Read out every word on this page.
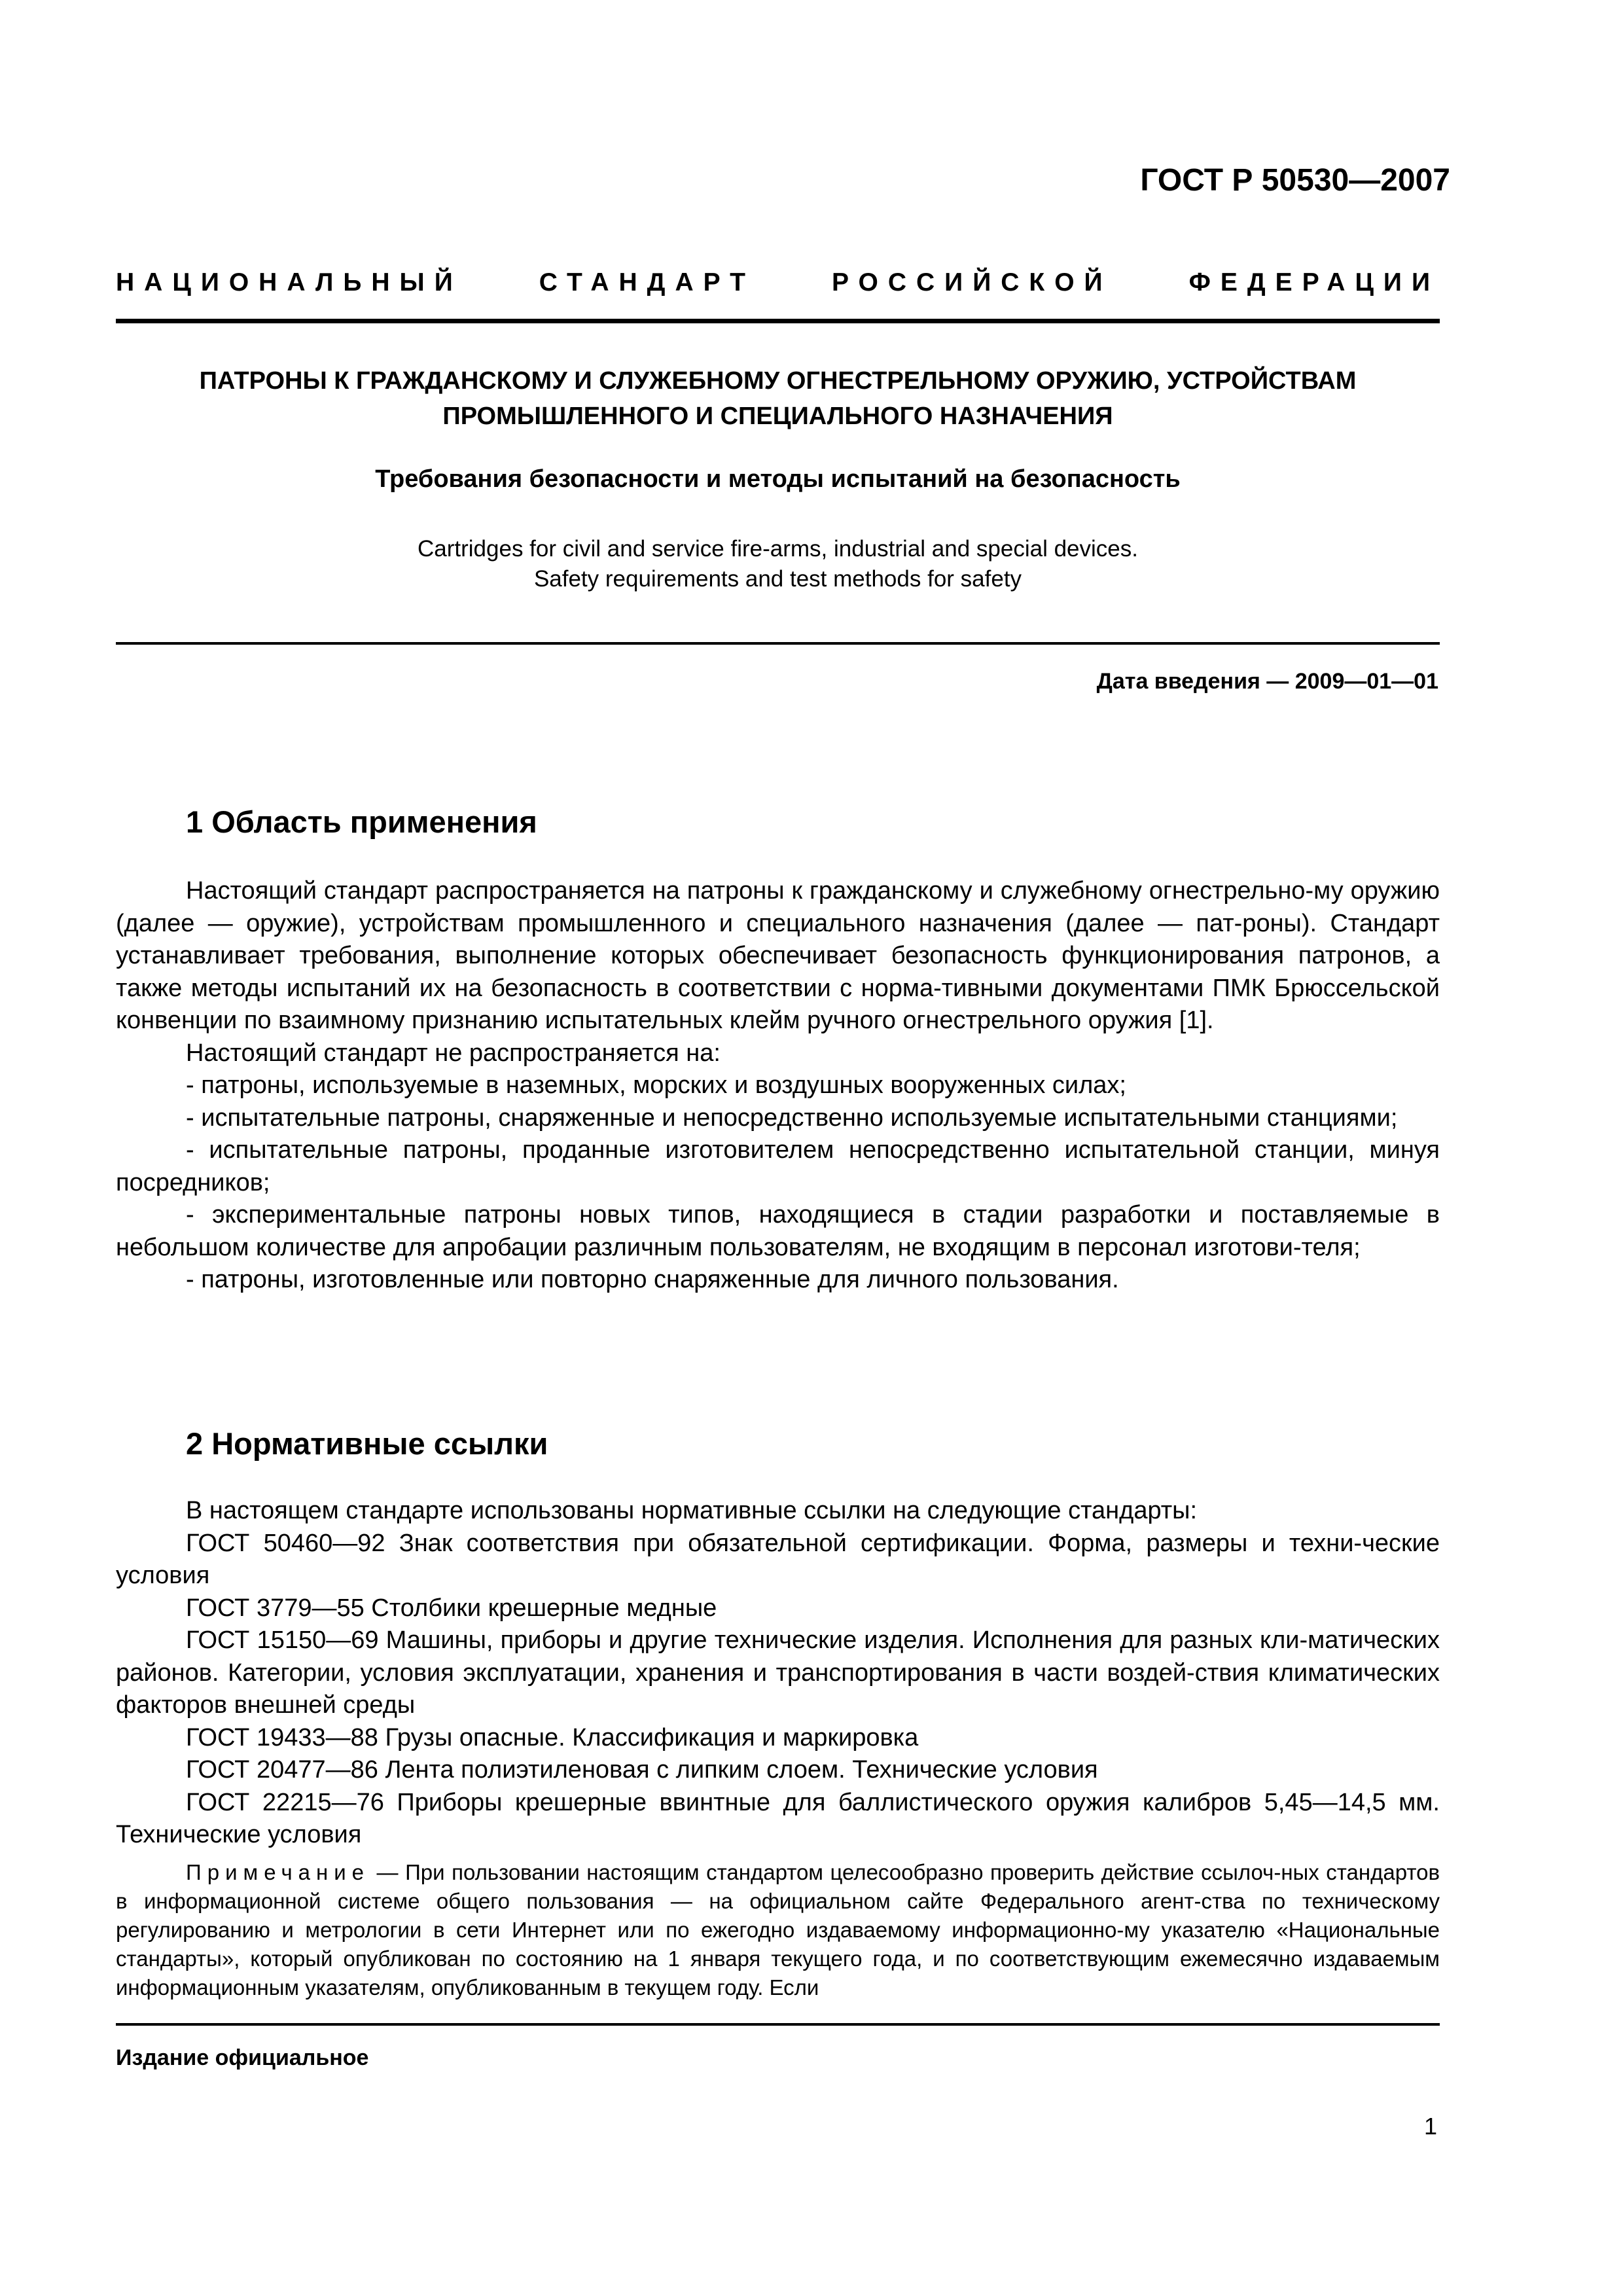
ГОСТ Р 50530—2007
НАЦИОНАЛЬНЫЙ	СТАНДАРТ	РОССИЙСКОЙ	ФЕДЕРАЦИИ
ПАТРОНЫ К ГРАЖДАНСКОМУ И СЛУЖЕБНОМУ ОГНЕСТРЕЛЬНОМУ ОРУЖИЮ, УСТРОЙСТВАМ
ПРОМЫШЛЕННОГО И СПЕЦИАЛЬНОГО НАЗНАЧЕНИЯ
Требования безопасности и методы испытаний на безопасность
Cartridges for civil and service fire-arms, industrial and special devices.
Safety requirements and test methods for safety
Дата введения — 2009—01—01
1 Область применения

Настоящий стандарт распространяется на патроны к гражданскому и служебному огнестрельно-му оружию (далее — оружие), устройствам промышленного и специального назначения (далее — пат-роны). Стандарт устанавливает требования, выполнение которых обеспечивает безопасность функционирования патронов, а также методы испытаний их на безопасность в соответствии с норма-тивными документами ПМК Брюссельской конвенции по взаимному признанию испытательных клейм ручного огнестрельного оружия [1].

Настоящий стандарт не распространяется на:

- патроны, используемые в наземных, морских и воздушных вооруженных силах;

- испытательные патроны, снаряженные и непосредственно используемые испытательными станциями;

- испытательные патроны, проданные изготовителем непосредственно испытательной станции, минуя посредников;

- экспериментальные патроны новых типов, находящиеся в стадии разработки и поставляемые в небольшом количестве для апробации различным пользователям, не входящим в персонал изготови-теля;

- патроны, изготовленные или повторно снаряженные для личного пользования.

2 Нормативные ссылки

В настоящем стандарте использованы нормативные ссылки на следующие стандарты:

ГОСТ 50460—92 Знак соответствия при обязательной сертификации. Форма, размеры и техни-ческие условия

ГОСТ 3779—55 Столбики крешерные медные

ГОСТ 15150—69 Машины, приборы и другие технические изделия. Исполнения для разных кли-матических районов. Категории, условия эксплуатации, хранения и транспортирования в части воздей-ствия климатических факторов внешней среды

ГОСТ 19433—88 Грузы опасные. Классификация и маркировка

ГОСТ 20477—86 Лента полиэтиленовая с липким слоем. Технические условия

ГОСТ 22215—76 Приборы крешерные ввинтные для баллистического оружия калибров 5,45—14,5 мм. Технические условия

Примечание — При пользовании настоящим стандартом целесообразно проверить действие ссылоч-ных стандартов в информационной системе общего пользования — на официальном сайте Федерального агент-ства по техническому регулированию и метрологии в сети Интернет или по ежегодно издаваемому информационно-му указателю «Национальные стандарты», который опубликован по состоянию на 1 января текущего года, и по соответствующим ежемесячно издаваемым информационным указателям, опубликованным в текущем году. Если

Издание официальное
1
